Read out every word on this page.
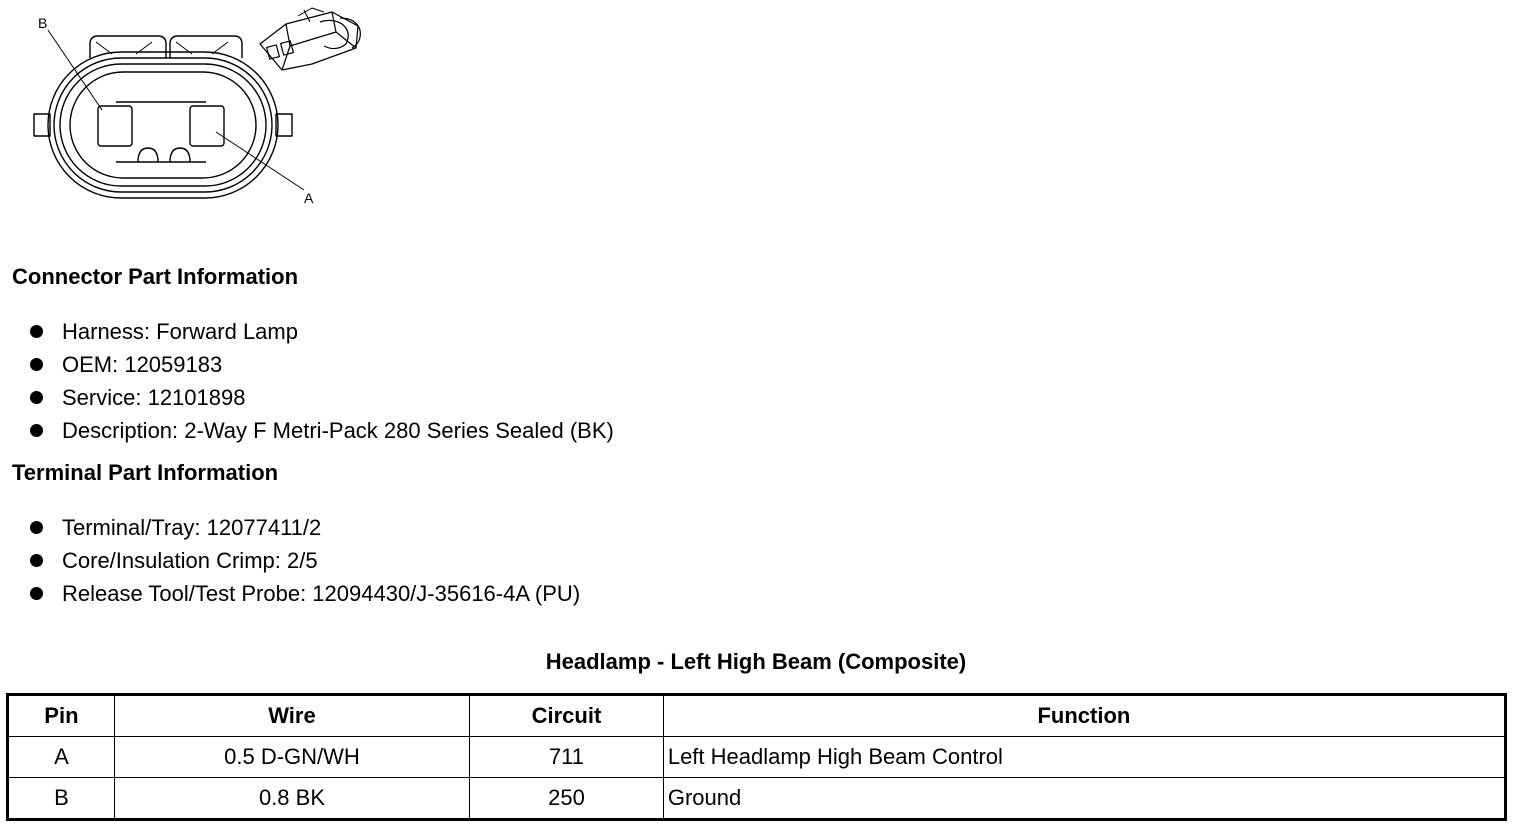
B
A
Connector Part Information
Harness: Forward Lamp
OEM: 12059183
Service: 12101898
Description: 2-Way F Metri-Pack 280 Series Sealed (BK)
Terminal Part Information
Terminal/Tray: 12077411/2
Core/Insulation Crimp: 2/5
Release Tool/Test Probe: 12094430/J-35616-4A (PU)
Headlamp - Left High Beam (Composite)
Pin	Wire	Circuit	Function
A	0.5 D-GN/WH	711	Left Headlamp High Beam Control
B	0.8 BK	250	Ground
